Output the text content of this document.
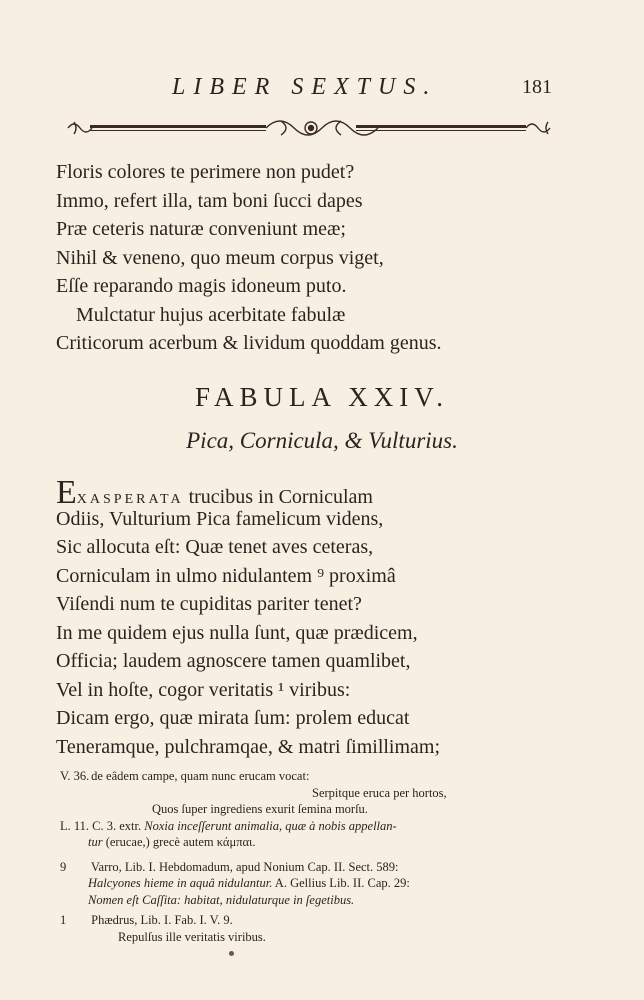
LIBER SEXTUS.	181
Floris colores te perimere non pudet?
Immo, refert illa, tam boni ſucci dapes
Præ ceteris naturæ conveniunt meæ;
Nihil & veneno, quo meum corpus viget,
Eſſe reparando magis idoneum puto.
Mulctatur hujus acerbitate fabulæ
Criticorum acerbum & lividum quoddam genus.
FABULA XXIV.
Pica, Cornicula, & Vulturius.
EXASPERATA trucibus in Corniculam
Odiis, Vulturium Pica famelicum videns,
Sic allocuta eſt: Quæ tenet aves ceteras,
Corniculam in ulmo nidulantem ⁹ proximâ
Viſendi num te cupiditas pariter tenet?
In me quidem ejus nulla ſunt, quæ prædicem,
Officia; laudem agnoscere tamen quamlibet,
Vel in hoſte, cogor veritatis ¹ viribus:
Dicam ergo, quæ mirata ſum: prolem educat
Teneramque, pulchramqae, & matri ſimillimam;
V. 36. de eâdem campe, quam nunc erucam vocat:
Serpitque eruca per hortos,
Quos ſuper ingrediens exurit ſemina morſu.
L. 11. C. 3. extr. Noxia inceſſerunt animalia, quæ à nobis appellan-
tur (erucae,) grecè autem κάμπαι.
9 Varro, Lib. I. Hebdomadum, apud Nonium Cap. II. Sect. 589:
Halcyones hieme in aquâ nidulantur. A. Gellius Lib. II. Cap. 29:
Nomen eſt Caſſita: habitat, nidulaturque in ſegetibus.
1 Phædrus, Lib. I. Fab. I. V. 9.
Repulſus ille veritatis viribus.
